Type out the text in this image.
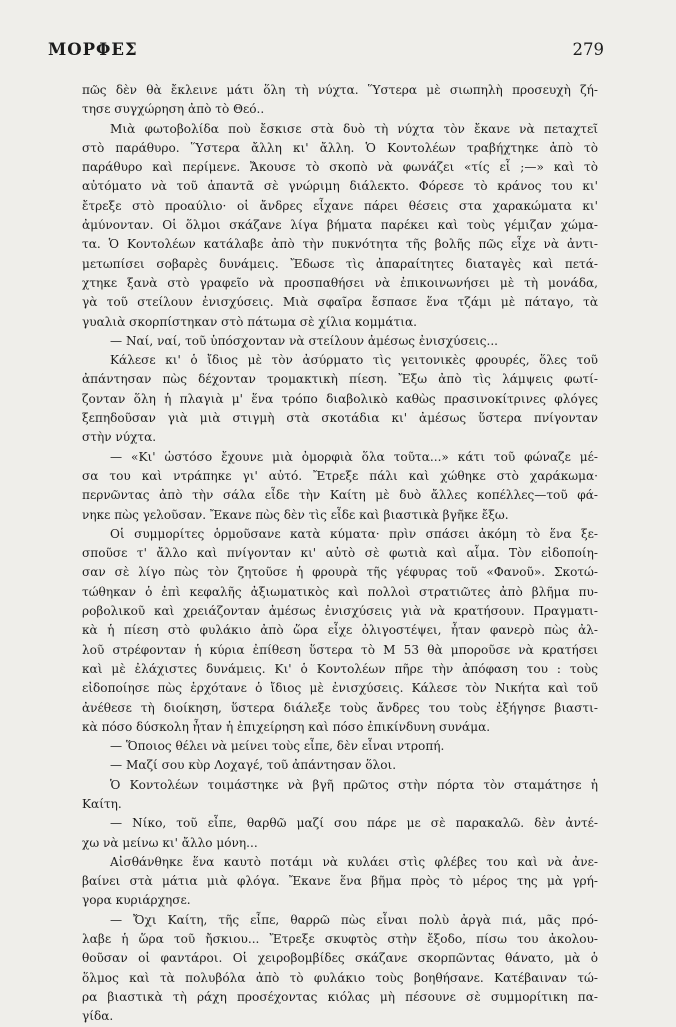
ΜΟΡΦΕΣ	279
πῶς δὲν θὰ ἔκλεινε μάτι ὅλη τὴ νύχτα. Ὕστερα μὲ σιωπηλὴ προσευχὴ ζή-
τησε συγχώρηση ἀπὸ τὸ Θεό..
Μιὰ φωτοβολίδα ποὺ ἔσκισε στὰ δυὸ τὴ νύχτα τὸν ἔκανε νὰ πεταχτεῖ
στὸ παράθυρο. Ὕστερα ἄλλη κι' ἄλλη. Ὁ Κοντολέων τραβήχτηκε ἀπὸ τὸ
παράθυρο καὶ περίμενε. Ἄκουσε τὸ σκοπὸ νὰ φωνάζει «τίς εἶ ;—» καὶ τὸ
αὐτόματο νὰ τοῦ ἀπαντᾶ σὲ γνώριμη διάλεκτο. Φόρεσε τὸ κράνος του κι'
ἔτρεξε στὸ προαύλιο· οἱ ἄνδρες εἶχανε πάρει θέσεις στα χαρακώματα κι'
ἀμύνονταν. Οἱ ὅλμοι σκάζανε λίγα βήματα παρέκει καὶ τοὺς γέμιζαν χώμα-
τα. Ὁ Κοντολέων κατάλαβε ἀπὸ τὴν πυκνότητα τῆς βολῆς πῶς εἶχε νὰ ἀντι-
μετωπίσει σοβαρὲς δυνάμεις. Ἔδωσε τὶς ἀπαραίτητες διαταγὲς καὶ πετά-
χτηκε ξανὰ στὸ γραφεῖο νὰ προσπαθήσει νὰ ἐπικοινωνήσει μὲ τὴ μονάδα,
γὰ τοῦ στείλουν ἐνισχύσεις. Μιὰ σφαῖρα ἔσπασε ἕνα τζάμι μὲ πάταγο, τὰ
γυαλιὰ σκορπίστηκαν στὸ πάτωμα σὲ χίλια κομμάτια.
— Ναί, ναί, τοῦ ὑπόσχονταν νὰ στείλουν ἀμέσως ἐνισχύσεις...
Κάλεσε κι' ὁ ἴδιος μὲ τὸν ἀσύρματο τὶς γειτονικὲς φρουρές, ὅλες τοῦ
ἀπάντησαν πὼς δέχονταν τρομακτικὴ πίεση. Ἔξω ἀπὸ τὶς λάμψεις φωτί-
ζονταν ὅλη ἡ πλαγιὰ μ' ἕνα τρόπο διαβολικὸ καθὼς πρασινοκίτρινες φλόγες
ξεπηδοῦσαν γιὰ μιὰ στιγμὴ στὰ σκοτάδια κι' ἀμέσως ὕστερα πνίγονταν
στὴν νύχτα.
— «Κι' ὡστόσο ἔχουνε μιὰ ὀμορφιὰ ὅλα τοῦτα...» κάτι τοῦ φώναζε μέ-
σα του καὶ ντράπηκε γι' αὐτό. Ἔτρεξε πάλι καὶ χώθηκε στὸ χαράκωμα·
περνῶντας ἀπὸ τὴν σάλα εἶδε τὴν Καίτη μὲ δυὸ ἄλλες κοπέλλες—τοῦ φά-
νηκε πὼς γελοῦσαν. Ἔκανε πὼς δὲν τὶς εἶδε καὶ βιαστικὰ βγῆκε ἔξω.
Οἱ συμμορίτες ὁρμοῦσανε κατὰ κύματα· πρὶν σπάσει ἀκόμη τὸ ἕνα ξε-
σποῦσε τ' ἄλλο καὶ πνίγονταν κι' αὐτὸ σὲ φωτιὰ καὶ αἷμα. Τὸν εἰδοποίη-
σαν σὲ λίγο πὼς τὸν ζητοῦσε ἡ φρουρὰ τῆς γέφυρας τοῦ «Φανοῦ». Σκοτώ-
τώθηκαν ὁ ἐπὶ κεφαλῆς ἀξιωματικὸς καὶ πολλοὶ στρατιῶτες ἀπὸ βλῆμα πυ-
ροβολικοῦ καὶ χρειάζονταν ἀμέσως ἐνισχύσεις γιὰ νὰ κρατήσουν. Πραγματι-
κὰ ἡ πίεση στὸ φυλάκιο ἀπὸ ὥρα εἶχε ὀλιγοστέψει, ἦταν φανερὸ πὼς ἀλ-
λοῦ στρέφονταν ἡ κύρια ἐπίθεση ὕστερα τὸ Μ 53 θὰ μποροῦσε νὰ κρατήσει
καὶ μὲ ἐλάχιστες δυνάμεις. Κι' ὁ Κοντολέων πῆρε τὴν ἀπόφαση του : τοὺς
εἰδοποίησε πὼς ἐρχότανε ὁ ἴδιος μὲ ἐνισχύσεις. Κάλεσε τὸν Νικήτα καὶ τοῦ
ἀνέθεσε τὴ διοίκηση, ὕστερα διάλεξε τοὺς ἄνδρες του τοὺς ἐξήγησε βιαστι-
κὰ πόσο δύσκολη ἦταν ἡ ἐπιχείρηση καὶ πόσο ἐπικίνδυνη συνάμα.
— Ὅποιος θέλει νὰ μείνει τοὺς εἶπε, δὲν εἶναι ντροπή.
— Μαζί σου κὺρ Λοχαγέ, τοῦ ἀπάντησαν ὅλοι.
Ὁ Κοντολέων τοιμάστηκε νὰ βγῆ πρῶτος στὴν πόρτα τὸν σταμάτησε ἡ
Καίτη.
— Νίκο, τοῦ εἶπε, θαρθῶ μαζί σου πάρε με σὲ παρακαλῶ. δὲν ἀντέ-
χω νὰ μείνω κι' ἄλλο μόνη...
Αἰσθάνθηκε ἕνα καυτὸ ποτάμι νὰ κυλάει στὶς φλέβες του καὶ νὰ ἀνε-
βαίνει στὰ μάτια μιὰ φλόγα. Ἔκανε ἕνα βῆμα πρὸς τὸ μέρος της μὰ γρή-
γορα κυριάρχησε.
— Ὄχι Καίτη, τῆς εἶπε, θαρρῶ πὼς εἶναι πολὺ ἀργὰ πιά, μᾶς πρό-
λαβε ἡ ὥρα τοῦ ἤσκιου... Ἔτρεξε σκυφτὸς στὴν ἔξοδο, πίσω του ἀκολου-
θοῦσαν οἱ φαντάροι. Οἱ χειροβομβίδες σκάζανε σκορπῶντας θάνατο, μὰ ὁ
ὅλμος καὶ τὰ πολυβόλα ἀπὸ τὸ φυλάκιο τοὺς βοηθήσανε. Κατέβαιναν τώ-
ρα βιαστικὰ τὴ ράχη προσέχοντας κιόλας μὴ πέσουνε σὲ συμμορίτικη πα-
γίδα.
